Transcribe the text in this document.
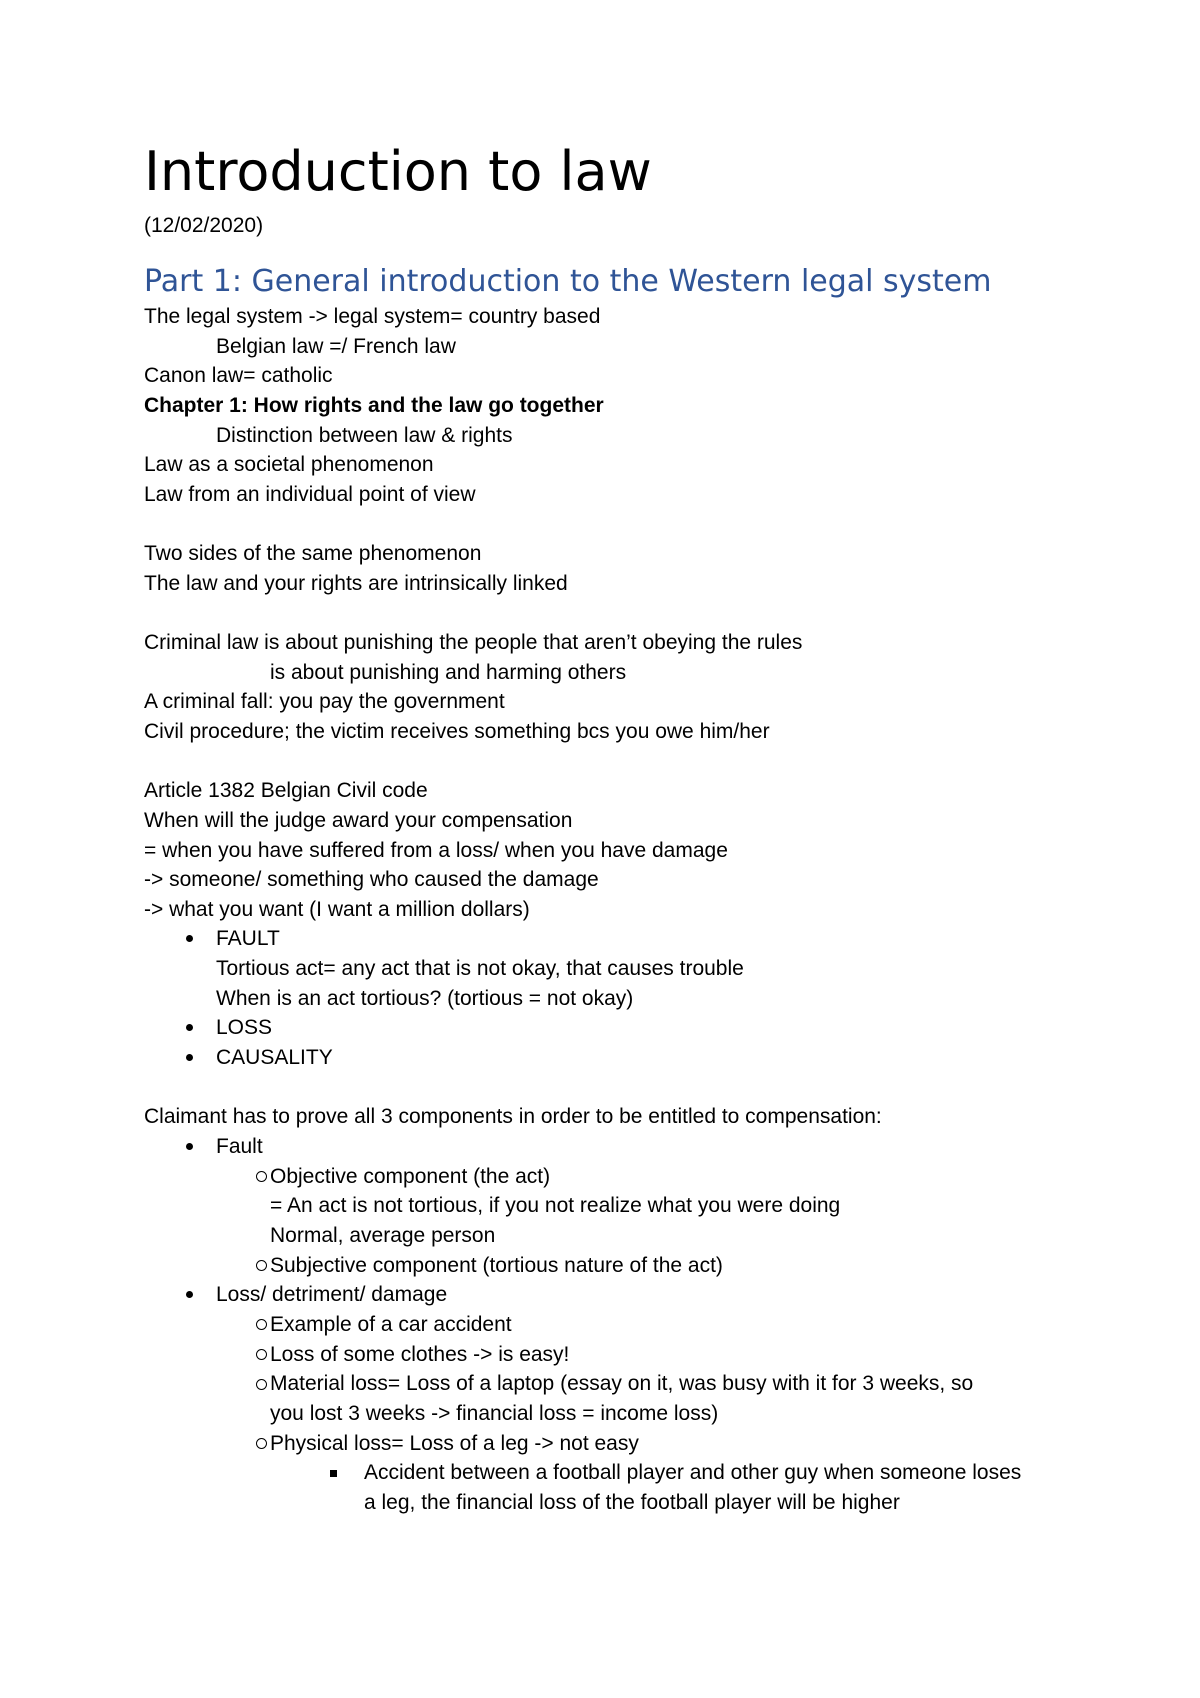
Introduction to law
(12/02/2020)
Part 1: General introduction to the Western legal system
The legal system -> legal system= country based
Belgian law =/ French law
Canon law= catholic
Chapter 1: How rights and the law go together
Distinction between law & rights
Law as a societal phenomenon
Law from an individual point of view
Two sides of the same phenomenon
The law and your rights are intrinsically linked
Criminal law is about punishing the people that aren’t obeying the rules
is about punishing and harming others
A criminal fall: you pay the government
Civil procedure; the victim receives something bcs you owe him/her
Article 1382 Belgian Civil code
When will the judge award your compensation
= when you have suffered from a loss/ when you have damage
-> someone/ something who caused the damage
-> what you want (I want a million dollars)
FAULT
Tortious act= any act that is not okay, that causes trouble
When is an act tortious? (tortious = not okay)
LOSS
CAUSALITY
Claimant has to prove all 3 components in order to be entitled to compensation:
Fault
Objective component (the act)
= An act is not tortious, if you not realize what you were doing
Normal, average person
Subjective component (tortious nature of the act)
Loss/ detriment/ damage
Example of a car accident
Loss of some clothes -> is easy!
Material loss= Loss of a laptop (essay on it, was busy with it for 3 weeks, so
you lost 3 weeks -> financial loss = income loss)
Physical loss= Loss of a leg -> not easy
Accident between a football player and other guy when someone loses
a leg, the financial loss of the football player will be higher
